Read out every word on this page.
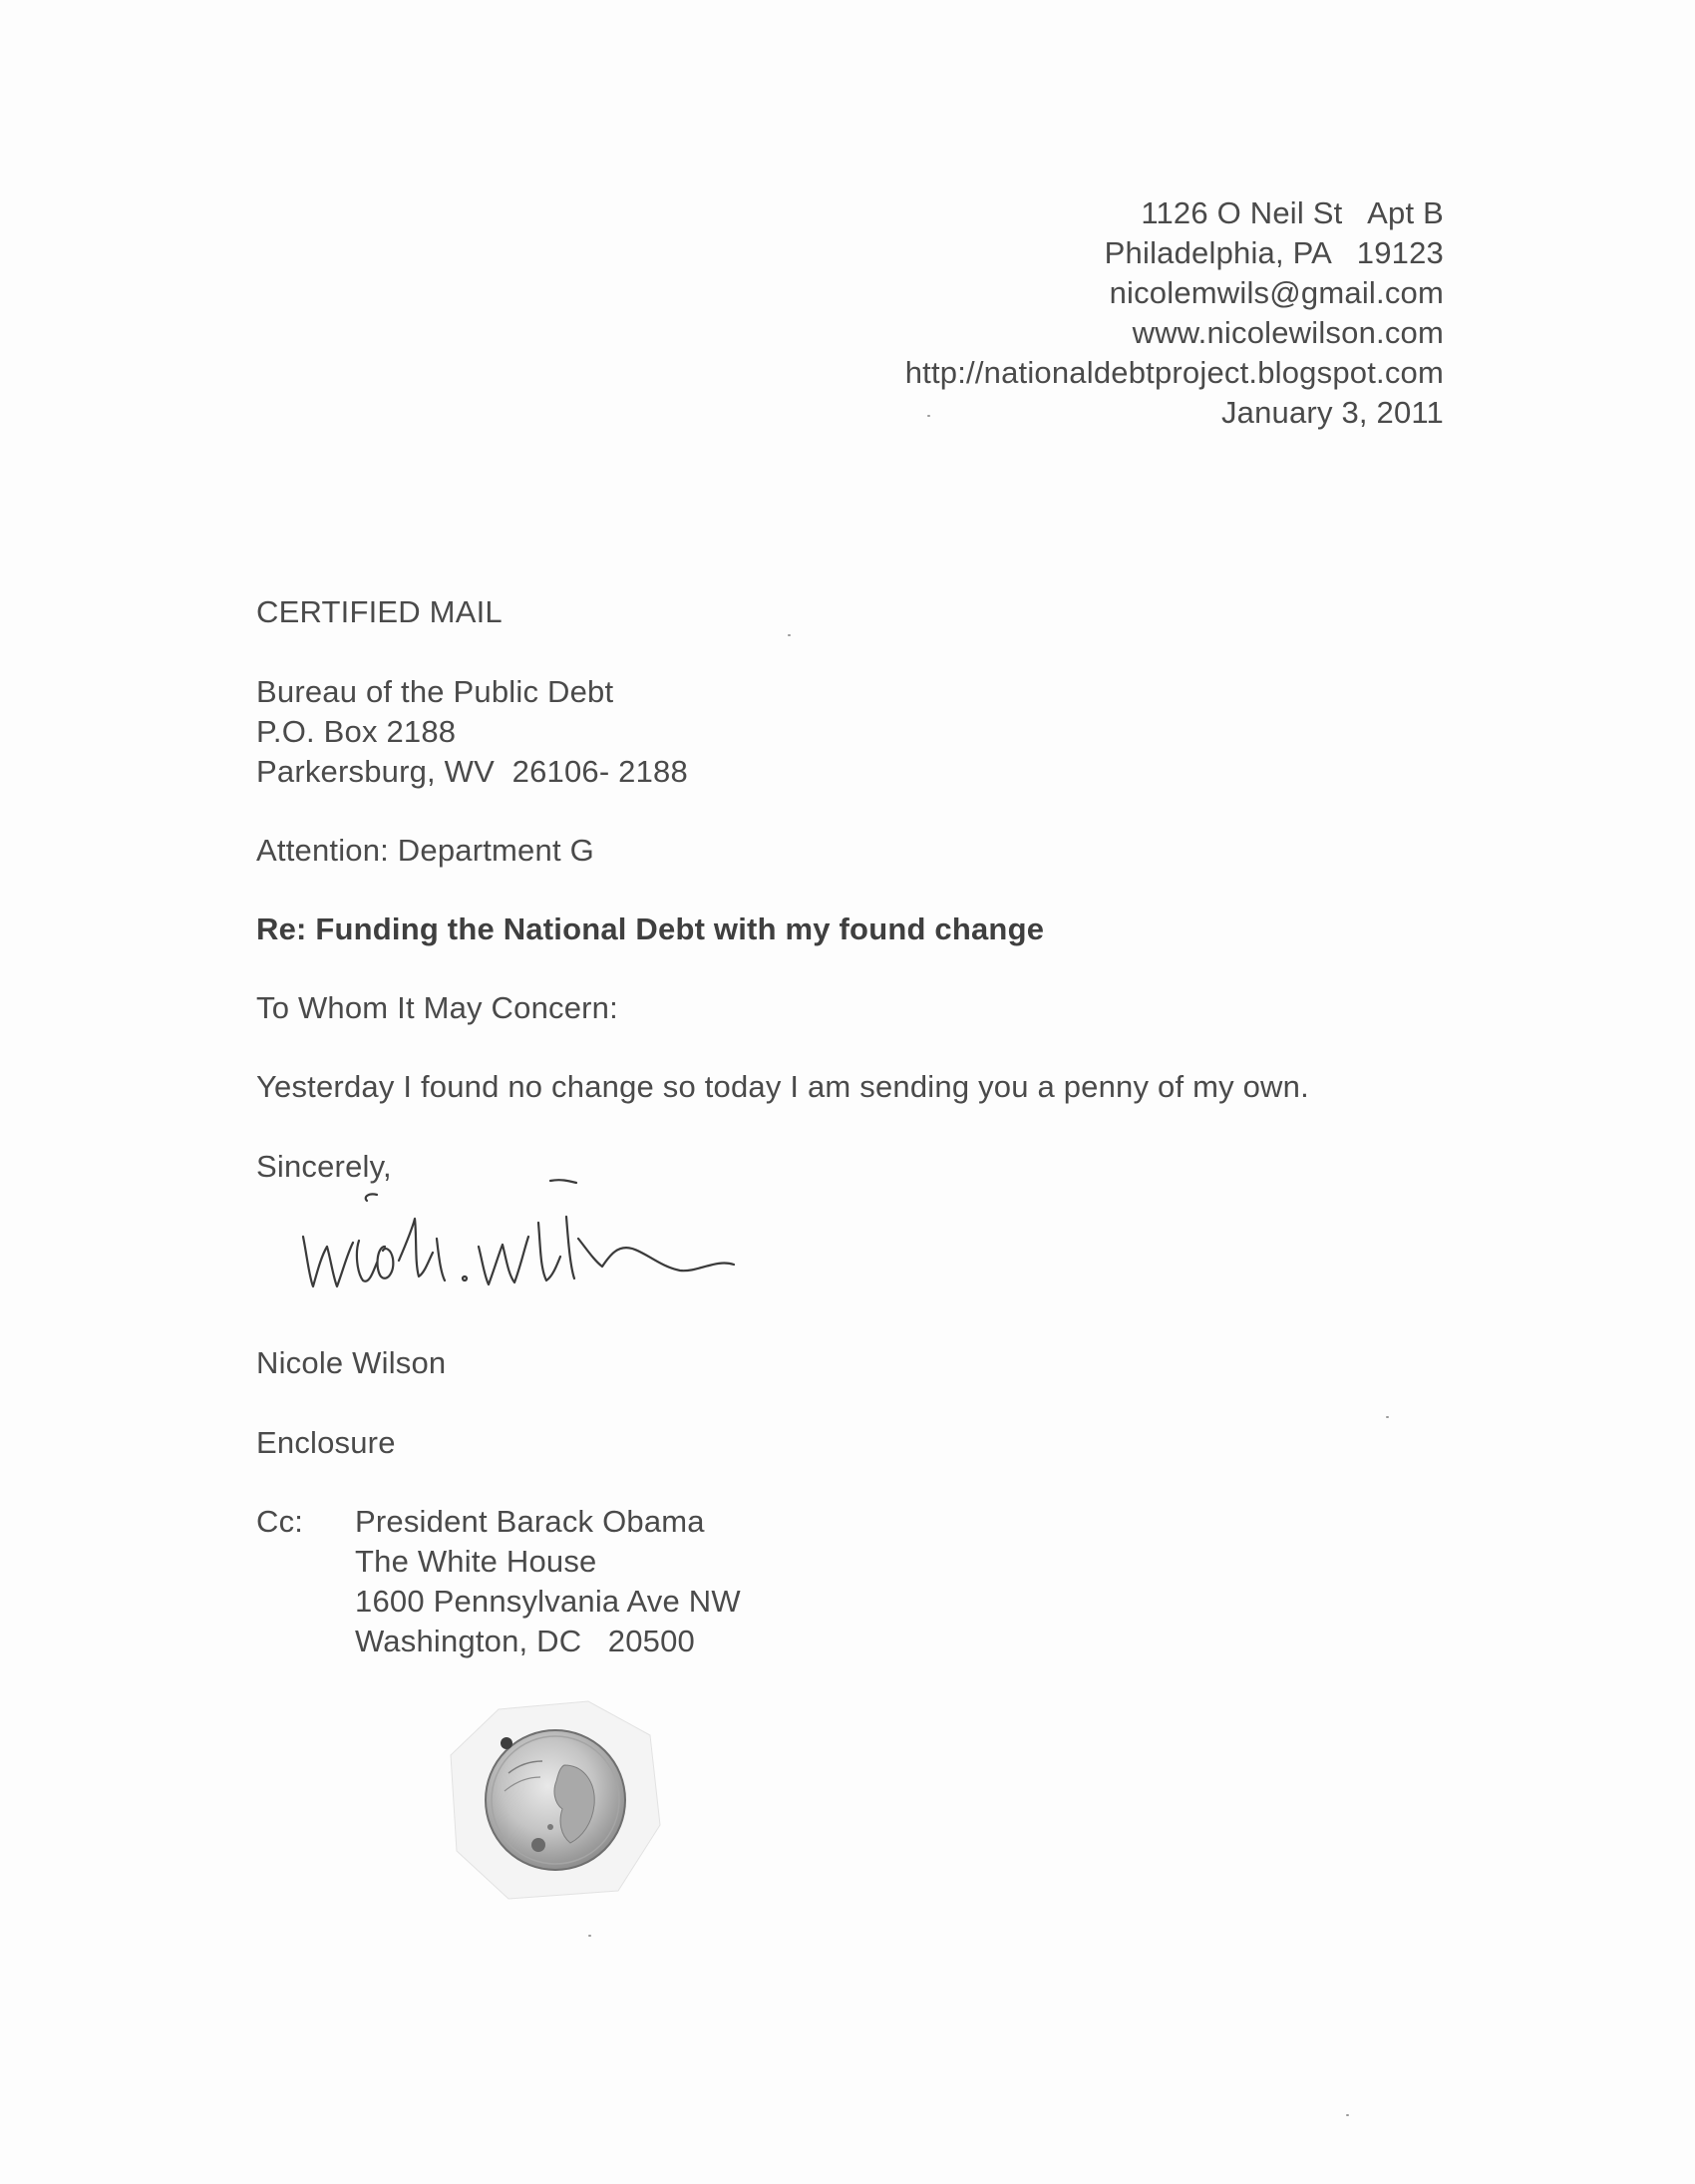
1126 O Neil St   Apt B
Philadelphia, PA   19123
nicolemwils@gmail.com
www.nicolewilson.com
http://nationaldebtproject.blogspot.com
January 3, 2011
CERTIFIED MAIL
Bureau of the Public Debt
P.O. Box 2188
Parkersburg, WV  26106- 2188
Attention: Department G
Re: Funding the National Debt with my found change
To Whom It May Concern:
Yesterday I found no change so today I am sending you a penny of my own.
Sincerely,
Nicole Wilson
Enclosure
Cc: President Barack Obama
The White House
1600 Pennsylvania Ave NW
Washington, DC   20500
